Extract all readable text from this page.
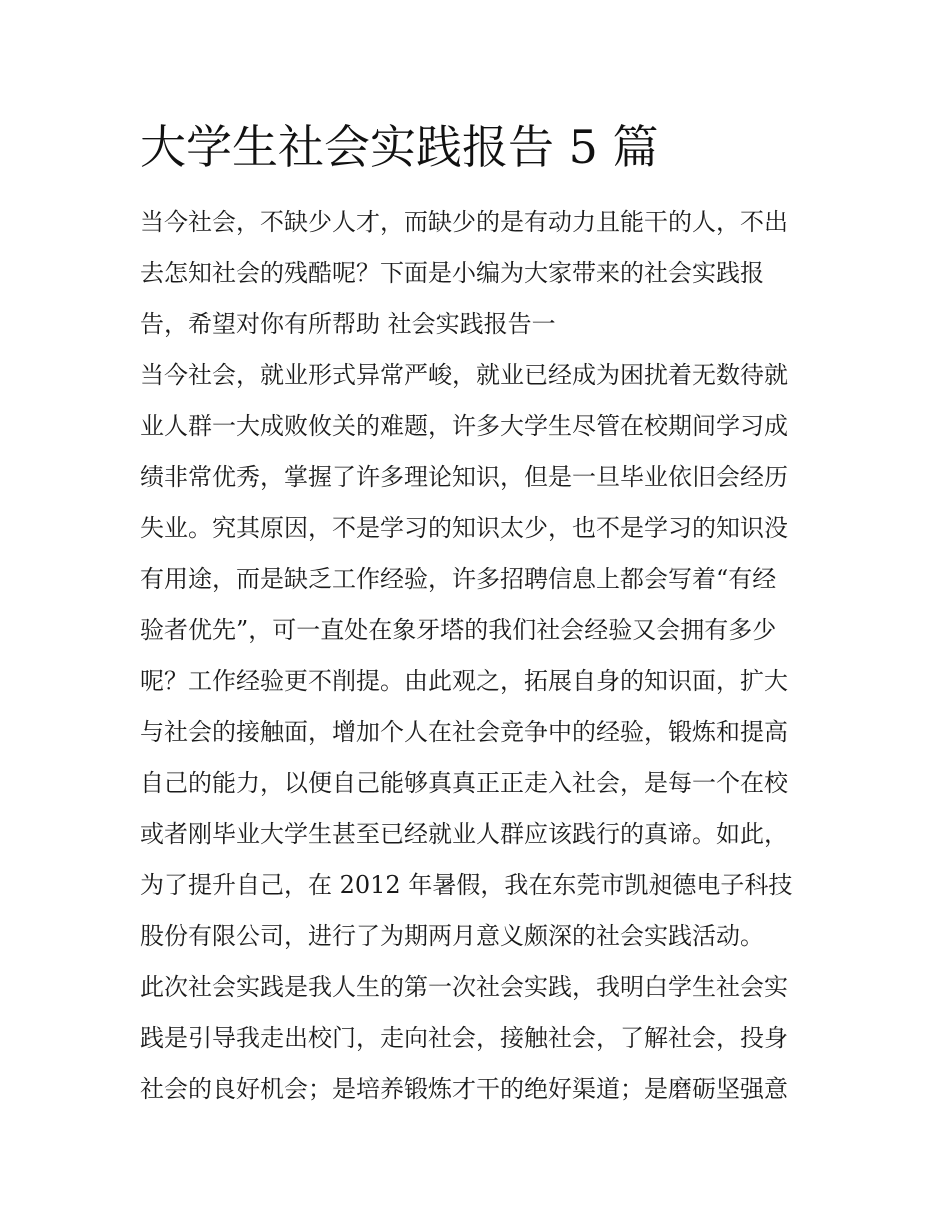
大学生社会实践报告 5 篇
当今社会，不缺少人才，而缺少的是有动力且能干的人，不出
去怎知社会的残酷呢？下面是小编为大家带来的社会实践报
告，希望对你有所帮助 社会实践报告一
当今社会，就业形式异常严峻，就业已经成为困扰着无数待就
业人群一大成败攸关的难题，许多大学生尽管在校期间学习成
绩非常优秀，掌握了许多理论知识，但是一旦毕业依旧会经历
失业。究其原因，不是学习的知识太少，也不是学习的知识没
有用途，而是缺乏工作经验，许多招聘信息上都会写着“有经
验者优先”，可一直处在象牙塔的我们社会经验又会拥有多少
呢？工作经验更不削提。由此观之，拓展自身的知识面，扩大
与社会的接触面，增加个人在社会竞争中的经验，锻炼和提高
自己的能力，以便自己能够真真正正走入社会，是每一个在校
或者刚毕业大学生甚至已经就业人群应该践行的真谛。如此，
为了提升自己，在 2012 年暑假，我在东莞市凯昶德电子科技
股份有限公司，进行了为期两月意义颇深的社会实践活动。
此次社会实践是我人生的第一次社会实践，我明白学生社会实
践是引导我走出校门，走向社会，接触社会，了解社会，投身
社会的良好机会；是培养锻炼才干的绝好渠道；是磨砺坚强意
